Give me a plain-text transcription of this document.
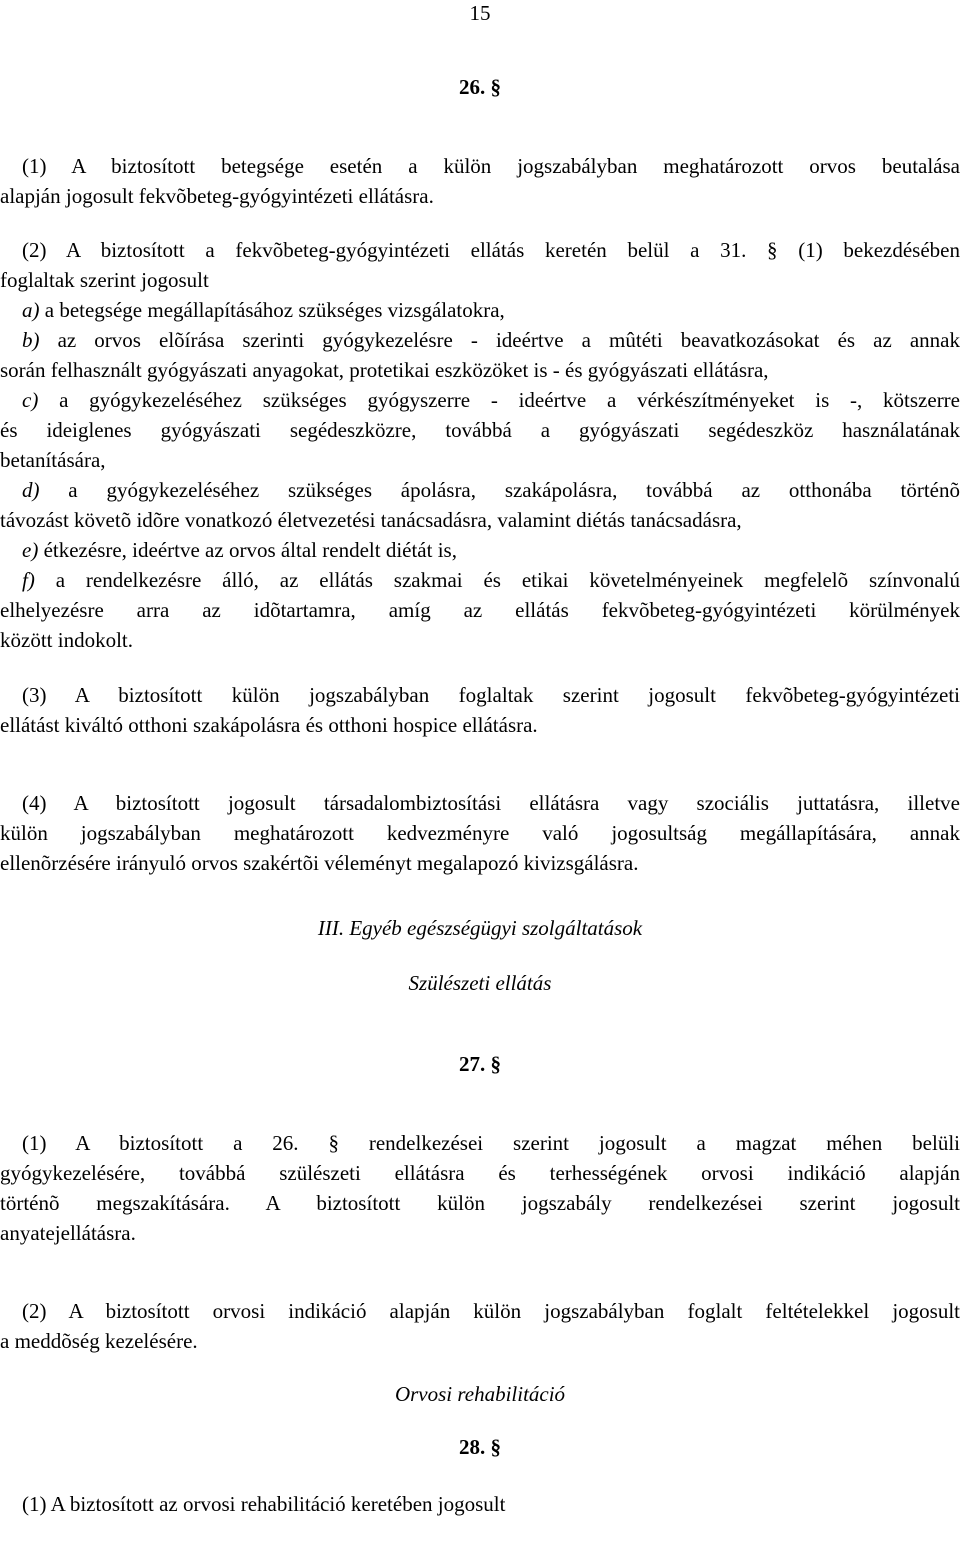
15
26. §
(1) A biztosított betegsége esetén a külön jogszabályban meghatározott orvos beutalása
alapján jogosult fekvõbeteg-gyógyintézeti ellátásra.
(2) A biztosított a fekvõbeteg-gyógyintézeti ellátás keretén belül a 31. § (1) bekezdésében
foglaltak szerint jogosult
a) a betegsége megállapításához szükséges vizsgálatokra,
b) az orvos elõírása szerinti gyógykezelésre - ideértve a mûtéti beavatkozásokat és az annak
során felhasznált gyógyászati anyagokat, protetikai eszközöket is - és gyógyászati ellátásra,
c) a gyógykezeléséhez szükséges gyógyszerre - ideértve a vérkészítményeket is -, kötszerre
és ideiglenes gyógyászati segédeszközre, továbbá a gyógyászati segédeszköz használatának
betanítására,
d) a gyógykezeléséhez szükséges ápolásra, szakápolásra, továbbá az otthonába történõ
távozást követõ idõre vonatkozó életvezetési tanácsadásra, valamint diétás tanácsadásra,
e) étkezésre, ideértve az orvos által rendelt diétát is,
f) a rendelkezésre álló, az ellátás szakmai és etikai követelményeinek megfelelõ színvonalú
elhelyezésre arra az idõtartamra, amíg az ellátás fekvõbeteg-gyógyintézeti körülmények
között indokolt.
(3) A biztosított külön jogszabályban foglaltak szerint jogosult fekvõbeteg-gyógyintézeti
ellátást kiváltó otthoni szakápolásra és otthoni hospice ellátásra.
(4) A biztosított jogosult társadalombiztosítási ellátásra vagy szociális juttatásra, illetve
külön jogszabályban meghatározott kedvezményre való jogosultság megállapítására, annak
ellenõrzésére irányuló orvos szakértõi véleményt megalapozó kivizsgálásra.
III. Egyéb egészségügyi szolgáltatások
Szülészeti ellátás
27. §
(1) A biztosított a 26. § rendelkezései szerint jogosult a magzat méhen belüli
gyógykezelésére, továbbá szülészeti ellátásra és terhességének orvosi indikáció alapján
történõ megszakítására. A biztosított külön jogszabály rendelkezései szerint jogosult
anyatejellátásra.
(2) A biztosított orvosi indikáció alapján külön jogszabályban foglalt feltételekkel jogosult
a meddõség kezelésére.
Orvosi rehabilitáció
28. §
(1) A biztosított az orvosi rehabilitáció keretében jogosult
